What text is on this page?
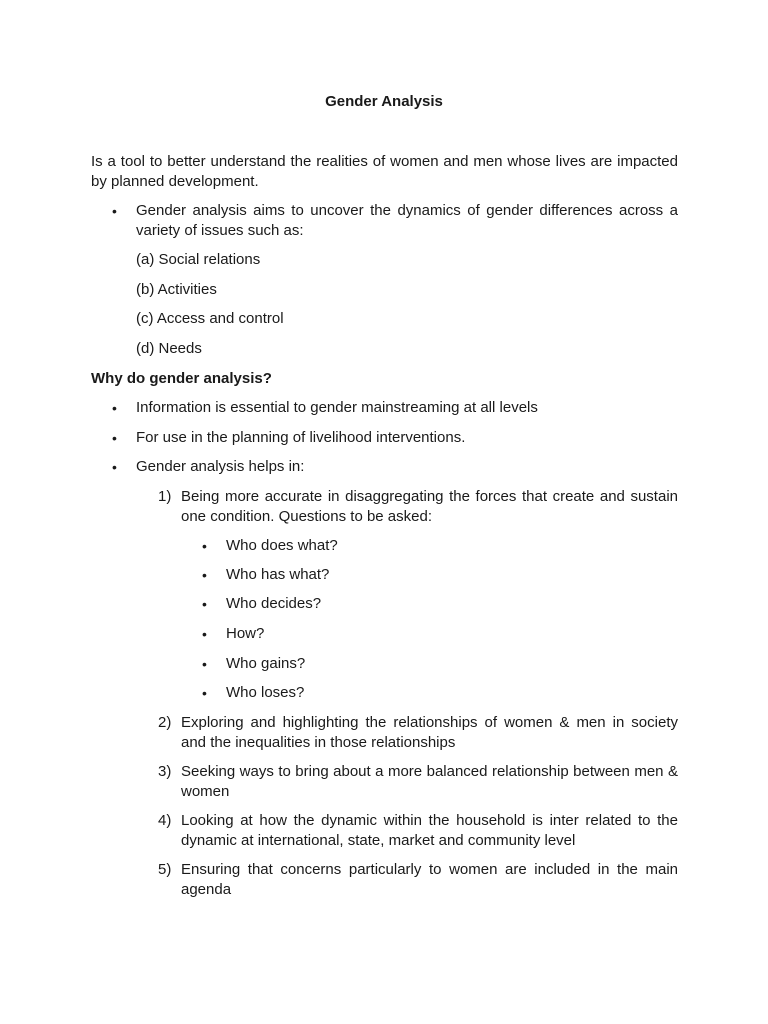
Gender Analysis
Is a tool to better understand the realities of women and men whose lives are impacted by planned development.
• Gender analysis aims to uncover the dynamics of gender differences across a variety of issues such as:
(a) Social relations
(b) Activities
(c) Access and control
(d) Needs
Why do gender analysis?
• Information is essential to gender mainstreaming at all levels
• For use in the planning of livelihood interventions.
• Gender analysis helps in:
1) Being more accurate in disaggregating the forces that create and sustain one condition. Questions to be asked:
• Who does what?
• Who has what?
• Who decides?
• How?
• Who gains?
• Who loses?
2) Exploring and highlighting the relationships of women & men in society and the inequalities in those relationships
3) Seeking ways to bring about a more balanced relationship between men & women
4) Looking at how the dynamic within the household is inter related to the dynamic at international, state, market and community level
5) Ensuring that concerns particularly to women are included in the main agenda
